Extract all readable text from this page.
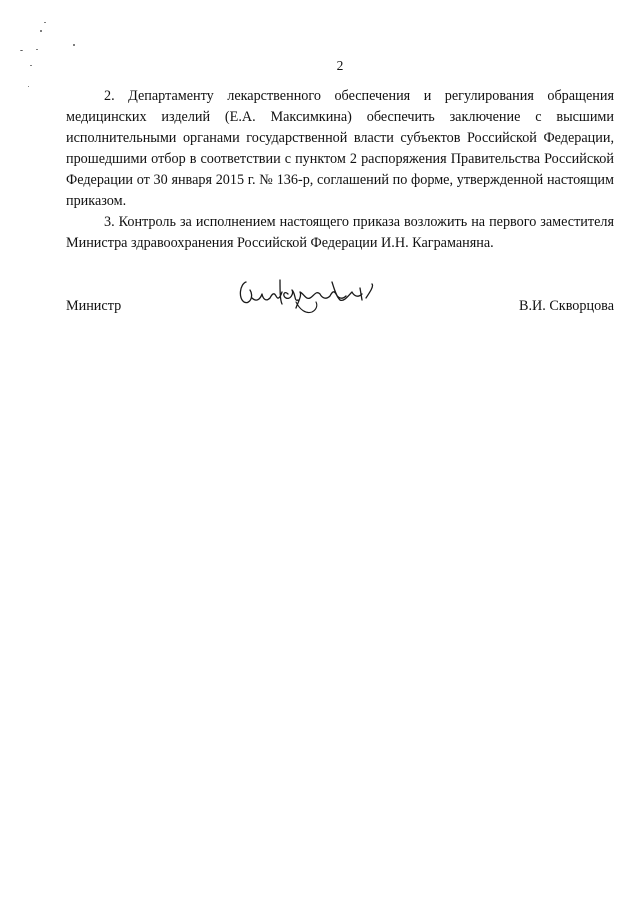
2

2. Департаменту лекарственного обеспечения и регулирования обращения медицинских изделий (Е.А. Максимкина) обеспечить заключение с высшими исполнительными органами государственной власти субъектов Российской Федерации, прошедшими отбор в соответствии с пунктом 2 распоряжения Правительства Российской Федерации от 30 января 2015 г. № 136-р, соглашений по форме, утвержденной настоящим приказом.

3. Контроль за исполнением настоящего приказа возложить на первого заместителя Министра здравоохранения Российской Федерации И.Н. Каграманяна.

Министр	В.И. Скворцова
